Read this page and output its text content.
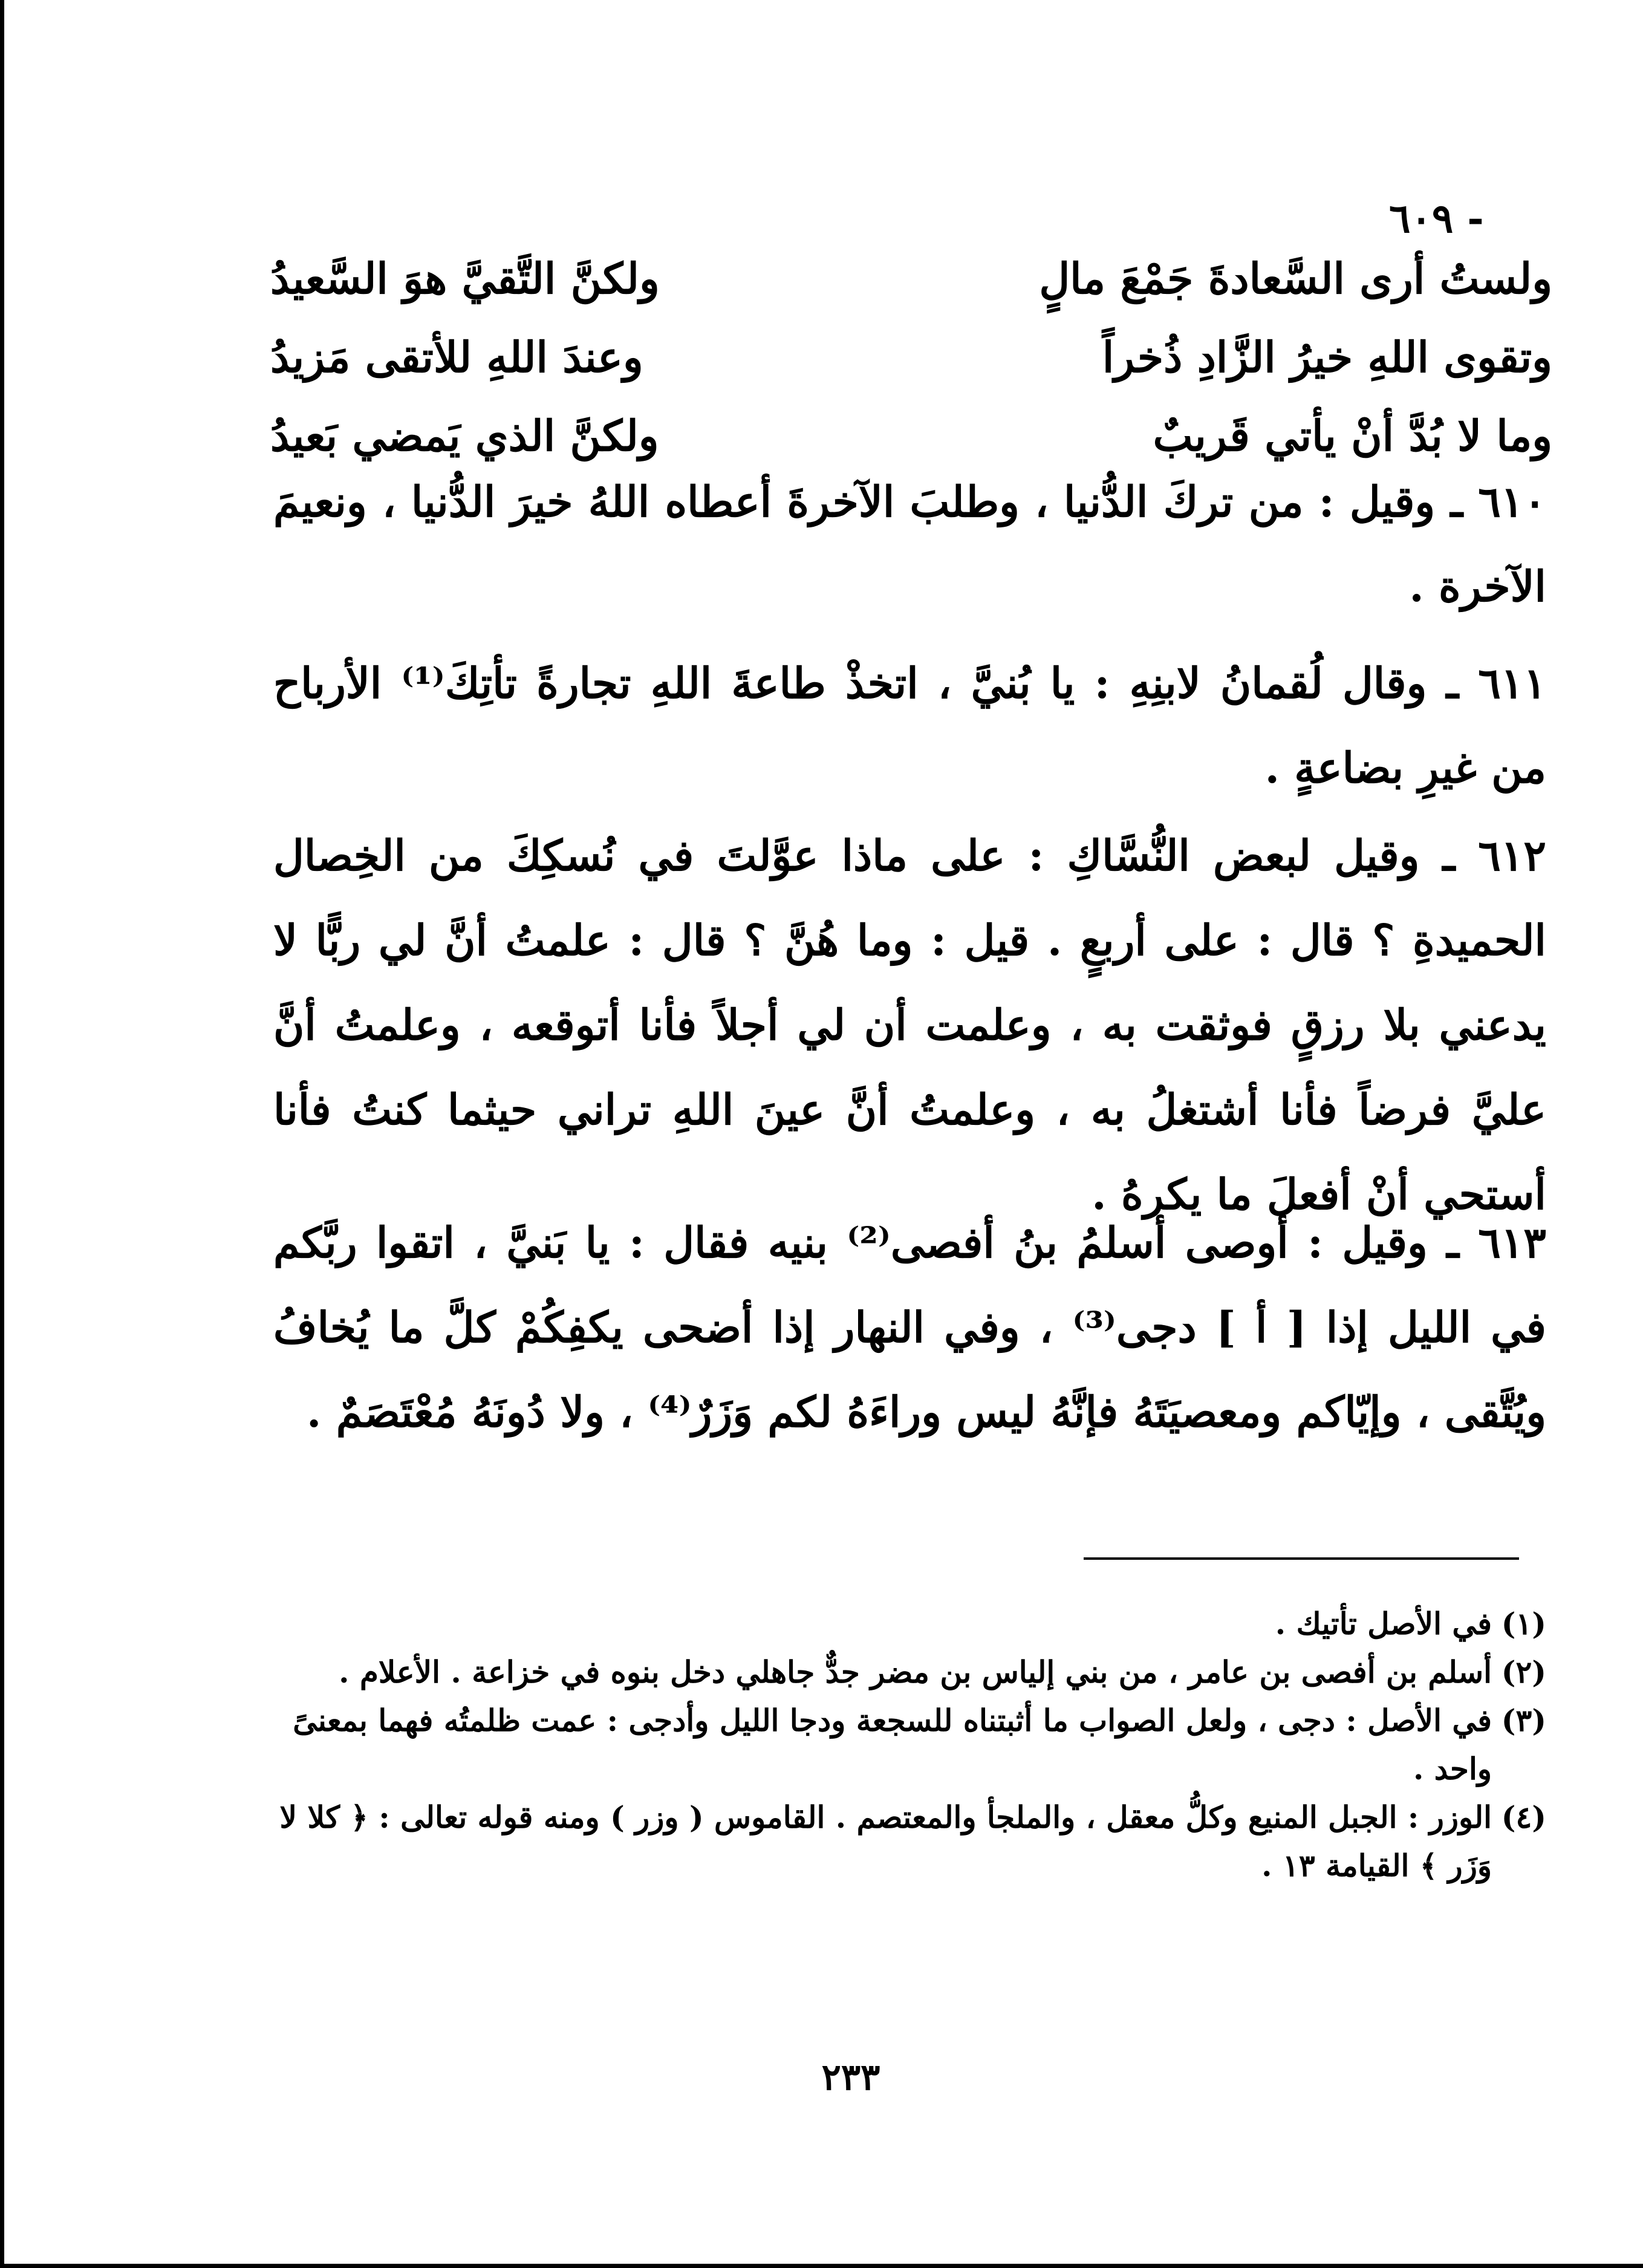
- ٦٠٩
ولستُ أرى السَّعادةَ جَمْعَ مالٍ
ولكنَّ التَّقيَّ هوَ السَّعيدُ
وتقوى اللهِ خيرُ الزَّادِ ذُخراً
وعندَ اللهِ للأتقى مَزيدُ
وما لا بُدَّ أنْ يأتي قَريبٌ
ولكنَّ الذي يَمضي بَعيدُ

٦١٠ ـ وقيل : من تركَ الدُّنيا ، وطلبَ الآخرةَ أعطاه اللهُ خيرَ الدُّنيا ، ونعيمَ الآخرة .

٦١١ ـ وقال لُقمانُ لابنِهِ : يا بُنيَّ ، اتخذْ طاعةَ اللهِ تجارةً تأتِكَ⁽¹⁾ الأرباح من غيرِ بضاعةٍ .

٦١٢ ـ وقيل لبعض النُّسَّاكِ : على ماذا عوَّلتَ في نُسكِكَ من الخِصال الحميدةِ ؟ قال : على أربعٍ . قيل : وما هُنَّ ؟ قال : علمتُ أنَّ لي ربًّا لا يدعني بلا رزقٍ فوثقت به ، وعلمت أن لي أجلاً فأنا أتوقعه ، وعلمتُ أنَّ عليَّ فرضاً فأنا أشتغلُ به ، وعلمتُ أنَّ عينَ اللهِ تراني حيثما كنتُ فأنا أستحي أنْ أفعلَ ما يكرهُ .

٦١٣ ـ وقيل : أوصى أسلمُ بنُ أفصى⁽²⁾ بنيه فقال : يا بَنيَّ ، اتقوا ربَّكم في الليل إذا [ أ ] دجى⁽³⁾ ، وفي النهار إذا أضحى يكفِكُمْ كلَّ ما يُخافُ ويُتَّقى ، وإيّاكم ومعصيَتَهُ فإنَّهُ ليس وراءَهُ لكم وَزَرٌ⁽⁴⁾ ، ولا دُونَهُ مُعْتَصَمٌ .

(١)في الأصل تأتيك .
(٢)أسلم بن أفصى بن عامر ، من بني إلياس بن مضر جدٌّ جاهلي دخل بنوه في خزاعة . الأعلام .
(٣)في الأصل : دجى ، ولعل الصواب ما أثبتناه للسجعة ودجا الليل وأدجى : عمت ظلمتُه فهما بمعنىً واحد .
(٤)الوزر : الجبل المنيع وكلُّ معقل ، والملجأ والمعتصم . القاموس ( وزر ) ومنه قوله تعالى : ﴿ كلا لا وَزَر ﴾ القيامة ١٣ .
٢٣٣
